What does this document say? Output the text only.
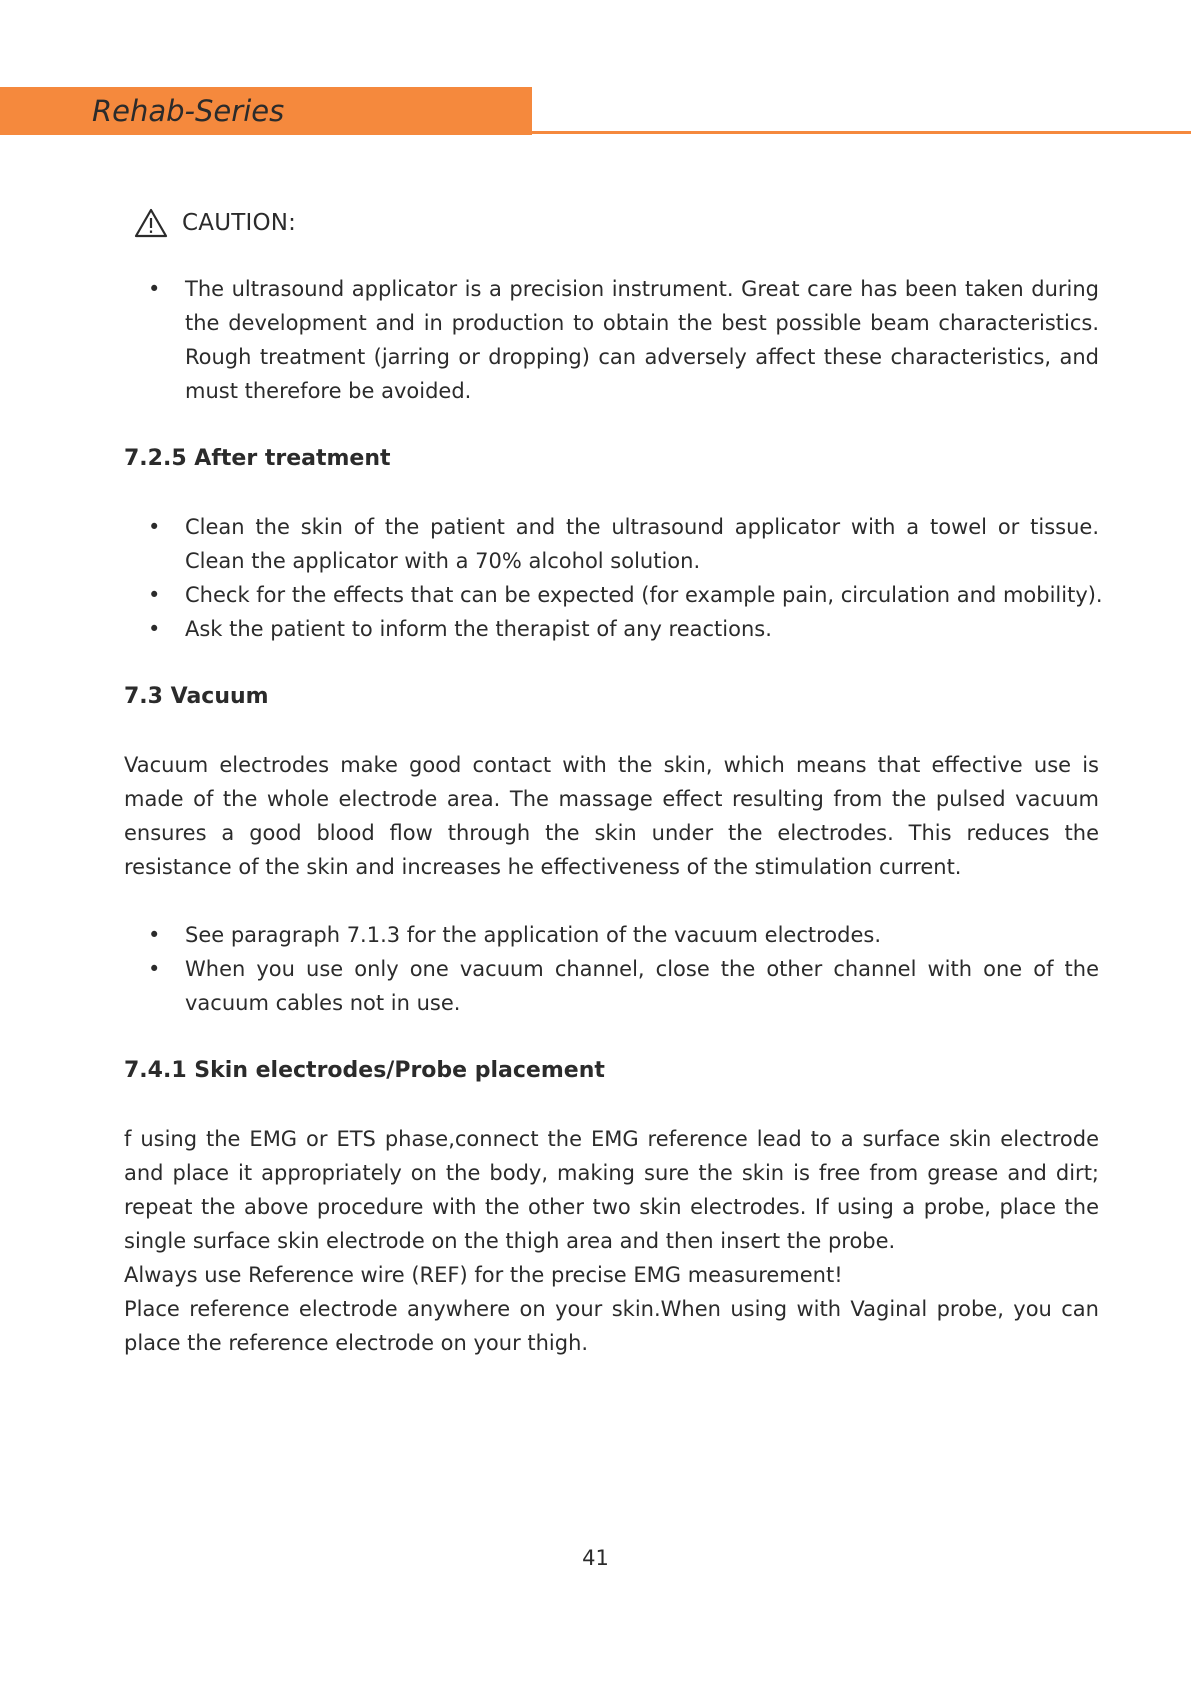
Rehab-Series
CAUTION:
• The ultrasound applicator is a precision instrument. Great care has been taken during the development and in production to obtain the best possible beam characteristics. Rough treatment (jarring or dropping) can adversely affect these characteristics, and must therefore be avoided.
7.2.5 After treatment
• Clean the skin of the patient and the ultrasound applicator with a towel or tissue. Clean the applicator with a 70% alcohol solution.
• Check for the effects that can be expected (for example pain, circulation and mobility).
• Ask the patient to inform the therapist of any reactions.
7.3 Vacuum

Vacuum electrodes make good contact with the skin, which means that effective use is made of the whole electrode area. The massage effect resulting from the pulsed vacuum ensures a good blood flow through the skin under the electrodes. This reduces the resistance of the skin and increases he effectiveness of the stimulation current.

• See paragraph 7.1.3 for the application of the vacuum electrodes.
• When you use only one vacuum channel, close the other channel with one of the vacuum cables not in use.
7.4.1 Skin electrodes/Probe placement

f using the EMG or ETS phase,connect the EMG reference lead to a surface skin electrode and place it appropriately on the body, making sure the skin is free from grease and dirt; repeat the above procedure with the other two skin electrodes. If using a probe, place the single surface skin electrode on the thigh area and then insert the probe.

Always use Reference wire (REF) for the precise EMG measurement!

Place reference electrode anywhere on your skin.When using with Vaginal probe, you can place the reference electrode on your thigh.

41
